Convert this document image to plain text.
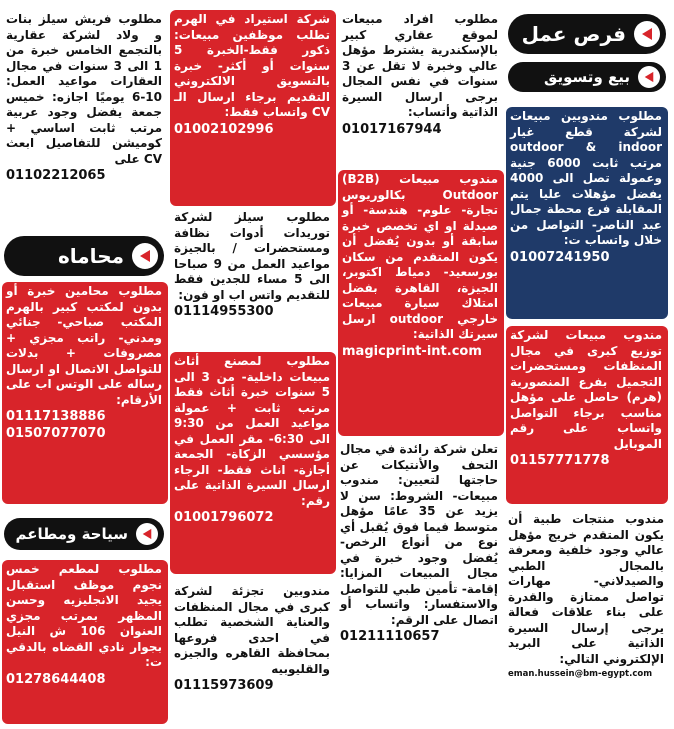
فرص عمل
بيع وتسويق
مطلوب مندوبين مبيعات لشركة قطع غيار outdoor & indoor مرتب ثابت 6000 جنية وعمولة تصل الى 4000 يفضل مؤهلات عليا يتم المقابلة فرع محطة جمال عبد الناصر- التواصل من خلال واتساب ت:
01007241950
مندوب مبيعات لشركة توزيع كبرى في مجال المنظفات ومستحضرات التجميل بفرع المنصورية (هرم) حاصل على مؤهل مناسب برجاء التواصل واتساب على رقم الموبايل
01157771778
مندوب منتجات طبية أن يكون المتقدم خريج مؤهل عالي وجود خلفية ومعرفة بالمجال الطبي والصيدلاني- مهارات تواصل ممتازة والقدرة على بناء علاقات فعالة يرجى إرسال السيرة الذاتية على البريد الإلكتروني التالي:
eman.hussein@bm-egypt.com
مطلوب افراد مبيعات لموقع عقاري كبير بالإسكندرية يشترط مؤهل عالي وخبرة لا تقل عن 3 سنوات في نفس المجال برجى ارسال السيرة الذاتية وأتساب:
01017167944
مندوب مبيعات (B2B) Outdoor بكالوريوس تجارة- علوم- هندسة- أو صيدلة او اي تخصص خبرة سابقة أو بدون يُفضل أن يكون المتقدم من سكان بورسعيد- دمياط اكتوبر، الجيزة، القاهرة بفضل امتلاك سيارة مبيعات خارجي outdoor ارسل سيرتك الذاتية:
magicprint-int.com
تعلن شركة رائدة في مجال التحف والأنتيكات عن حاجتها لتعيين: مندوب مبيعات- الشروط: سن لا يزيد عن 35 عامًا مؤهل متوسط فيما فوق يُقبل أي نوع من أنواع الرخص- يُفضل وجود خبرة في مجال المبيعات المزايا: إقامة- تأمين طبي للتواصل والاستفسار: واتساب أو اتصال على الرقم:
01211110657
شركة استيراد في الهرم تطلب موظفين مبيعات: ذكور فقط-الخبرة 5 سنوات أو أكثر- خبرة بالتسويق الالكتروني التقديم برجاء ارسال الـ CV واتساب فقط:
01002102996
مطلوب سيلز لشركة توريدات أدوات نظافة ومستحضرات / بالجيزة مواعيد العمل من 9 صباحا الى 5 مساء للجدين فقط للتقديم واتس اب او فون:
01114955300
مطلوب لمصنع أثاث مبيعات داخلية- من 3 الى 5 سنوات خبرة أثاث فقط مرتب ثابت + عمولة مواعيد العمل من 9:30 الى 6:30- مقر العمل في مؤسسي الزكاة- الجمعة أجازة- اناث فقط- الرجاء ارسال السيرة الذاتية على رقم:
01001796072
مندوبين تجزئة لشركة كبرى في مجال المنظفات والعناية الشخصية تطلب في احدى فروعها بمحافظة القاهره والجيزه والقليوبيه
01115973609
مطلوب فريش سيلز بنات و ولاد لشركة عقارية بالتجمع الخامس خبرة من 1 الى 3 سنوات في مجال العقارات مواعيد العمل: 10-6 يوميًا اجازه: خميس جمعة يفضل وجود عربية مرتب ثابت اساسي + كوميشن للتفاصيل ابعث CV على
01102212065
محاماه
مطلوب محامين خبرة أو بدون لمكتب كبير بالهرم المكتب صباحي- جنائي ومدني- راتب مجزي + مصروفات + بدلات للتواصل الاتصال او ارسال رساله على الوتس اب على الأرقام:
01117138886
01507077070
سياحة ومطاعم
مطلوب لمطعم خمس نجوم موظف استقبال يجيد الانجليزيه وحسن المظهر بمرتب مجزي العنوان 106 ش النيل بجوار نادي القضاه بالدقي ت:
01278644408
